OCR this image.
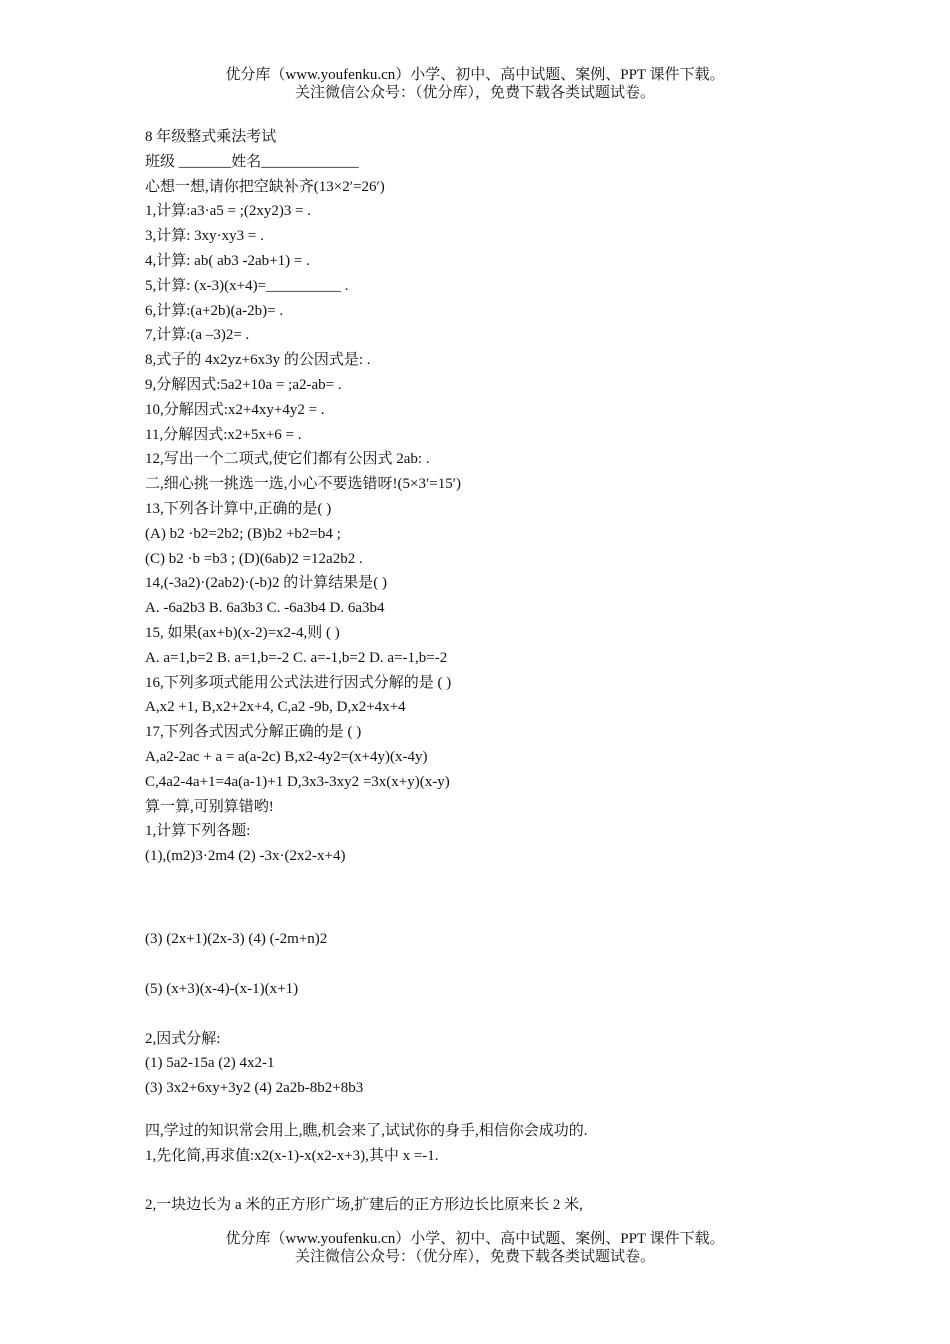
优分库（www.youfenku.cn）小学、初中、高中试题、案例、PPT 课件下载。
关注微信公众号：（优分库），免费下载各类试题试卷。
8 年级整式乘法考试
班级 _______姓名_____________
心想一想,请你把空缺补齐(13×2′=26′)
1,计算:a3·a5 = ;(2xy2)3 = .
3,计算: 3xy·xy3 = .
4,计算: ab( ab3 -2ab+1) = .
5,计算: (x-3)(x+4)=__________ .
6,计算:(a+2b)(a-2b)= .
7,计算:(a –3)2= .
8,式子的 4x2yz+6x3y 的公因式是: .
9,分解因式:5a2+10a = ;a2-ab= .
10,分解因式:x2+4xy+4y2 = .
11,分解因式:x2+5x+6 = .
12,写出一个二项式,使它们都有公因式 2ab: .
二,细心挑一挑选一选,小心不要选错呀!(5×3′=15′)
13,下列各计算中,正确的是( )
(A) b2 ·b2=2b2; (B)b2 +b2=b4 ;
(C) b2 ·b =b3 ; (D)(6ab)2 =12a2b2 .
14,(-3a2)·(2ab2)·(-b)2 的计算结果是( )
A. -6a2b3 B. 6a3b3 C. -6a3b4 D. 6a3b4
15, 如果(ax+b)(x-2)=x2-4,则 ( )
A. a=1,b=2 B. a=1,b=-2 C. a=-1,b=2 D. a=-1,b=-2
16,下列多项式能用公式法进行因式分解的是 ( )
A,x2 +1, B,x2+2x+4, C,a2 -9b, D,x2+4x+4
17,下列各式因式分解正确的是 ( )
A,a2-2ac + a = a(a-2c) B,x2-4y2=(x+4y)(x-4y)
C,4a2-4a+1=4a(a-1)+1 D,3x3-3xy2 =3x(x+y)(x-y)
算一算,可别算错哟!
1,计算下列各题:
(1),(m2)3·2m4 (2) -3x·(2x2-x+4)
(3) (2x+1)(2x-3) (4) (-2m+n)2
(5) (x+3)(x-4)-(x-1)(x+1)
2,因式分解:
(1) 5a2-15a (2) 4x2-1
(3) 3x2+6xy+3y2 (4) 2a2b-8b2+8b3
四,学过的知识常会用上,瞧,机会来了,试试你的身手,相信你会成功的.
1,先化简,再求值:x2(x-1)-x(x2-x+3),其中 x =-1.
2,一块边长为 a 米的正方形广场,扩建后的正方形边长比原来长 2 米,
优分库（www.youfenku.cn）小学、初中、高中试题、案例、PPT 课件下载。
关注微信公众号：（优分库），免费下载各类试题试卷。
